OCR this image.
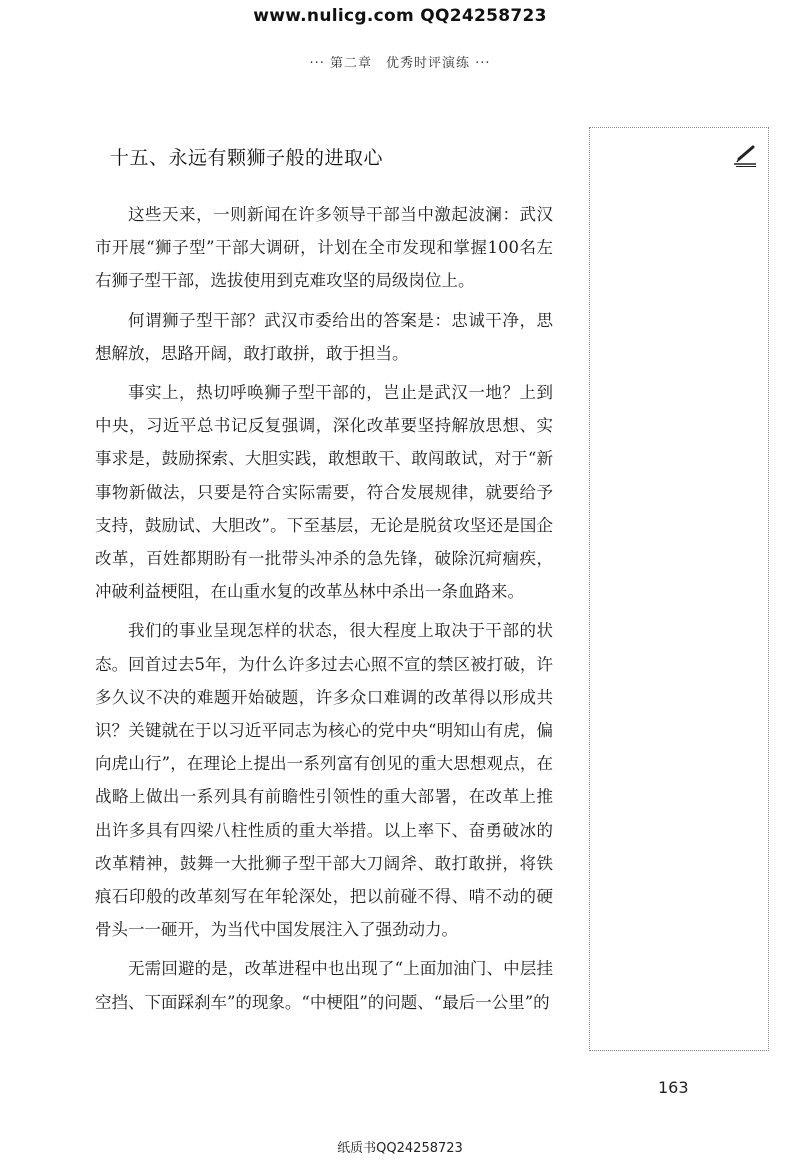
www.nulicg.com QQ24258723
··· 第二章　优秀时评演练 ···
十五、永远有颗狮子般的进取心

这些天来，一则新闻在许多领导干部当中激起波澜：武汉市开展“狮子型”干部大调研，计划在全市发现和掌握100名左右狮子型干部，选拔使用到克难攻坚的局级岗位上。

何谓狮子型干部？武汉市委给出的答案是：忠诚干净，思想解放，思路开阔，敢打敢拼，敢于担当。

事实上，热切呼唤狮子型干部的，岂止是武汉一地？上到中央，习近平总书记反复强调，深化改革要坚持解放思想、实事求是，鼓励探索、大胆实践，敢想敢干、敢闯敢试，对于“新事物新做法，只要是符合实际需要，符合发展规律，就要给予支持，鼓励试、大胆改”。下至基层，无论是脱贫攻坚还是国企改革，百姓都期盼有一批带头冲杀的急先锋，破除沉疴痼疾，冲破利益梗阻，在山重水复的改革丛林中杀出一条血路来。

我们的事业呈现怎样的状态，很大程度上取决于干部的状态。回首过去5年，为什么许多过去心照不宣的禁区被打破，许多久议不决的难题开始破题，许多众口难调的改革得以形成共识？关键就在于以习近平同志为核心的党中央“明知山有虎，偏向虎山行”，在理论上提出一系列富有创见的重大思想观点，在战略上做出一系列具有前瞻性引领性的重大部署，在改革上推出许多具有四梁八柱性质的重大举措。以上率下、奋勇破冰的改革精神，鼓舞一大批狮子型干部大刀阔斧、敢打敢拼，将铁痕石印般的改革刻写在年轮深处，把以前碰不得、啃不动的硬骨头一一砸开，为当代中国发展注入了强劲动力。

无需回避的是，改革进程中也出现了“上面加油门、中层挂空挡、下面踩刹车”的现象。“中梗阻”的问题、“最后一公里”的

163
纸质书QQ24258723
